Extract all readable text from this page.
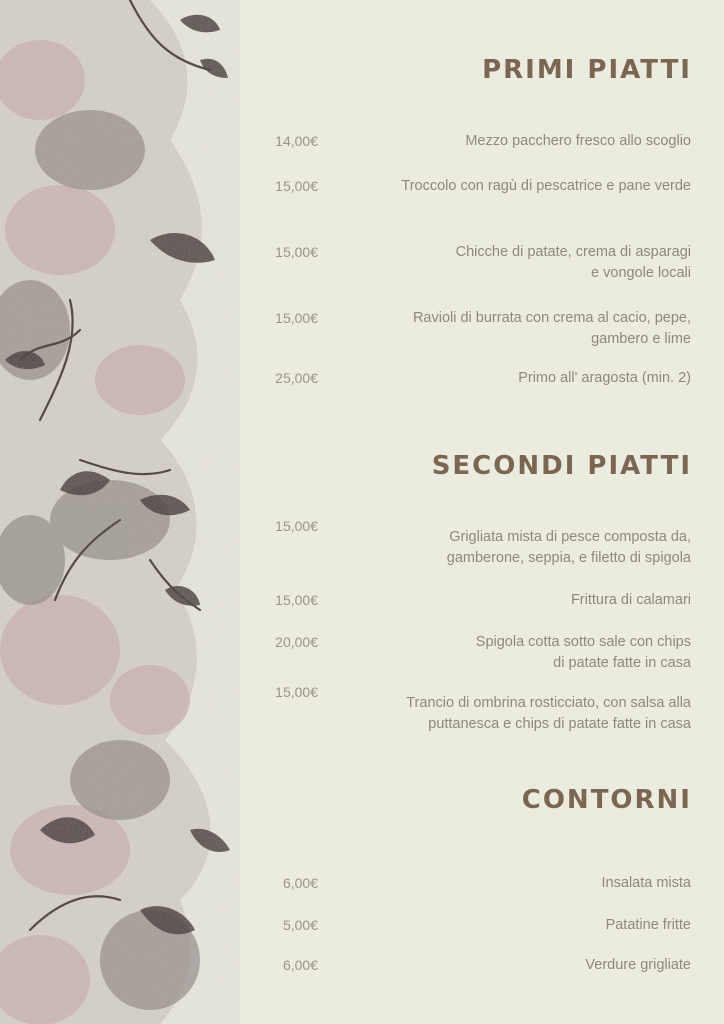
PRIMI PIATTI
14,00€	Mezzo pacchero fresco allo scoglio
15,00€	Troccolo con ragù di pescatrice e pane verde
15,00€	Chicche di patate, crema di asparagi
e vongole locali
15,00€	Ravioli di burrata con crema al cacio, pepe,
gambero e lime
25,00€	Primo all' aragosta (min. 2)
SECONDI PIATTI
15,00€
Grigliata mista di pesce composta da,
gamberone, seppia, e filetto di spigola
15,00€	Frittura di calamari
20,00€	Spigola cotta sotto sale con chips
di patate fatte in casa
15,00€
Trancio di ombrina rosticciato, con salsa alla
puttanesca e chips di patate fatte in casa
CONTORNI
6,00€	Insalata mista
5,00€	Patatine fritte
6,00€	Verdure grigliate
